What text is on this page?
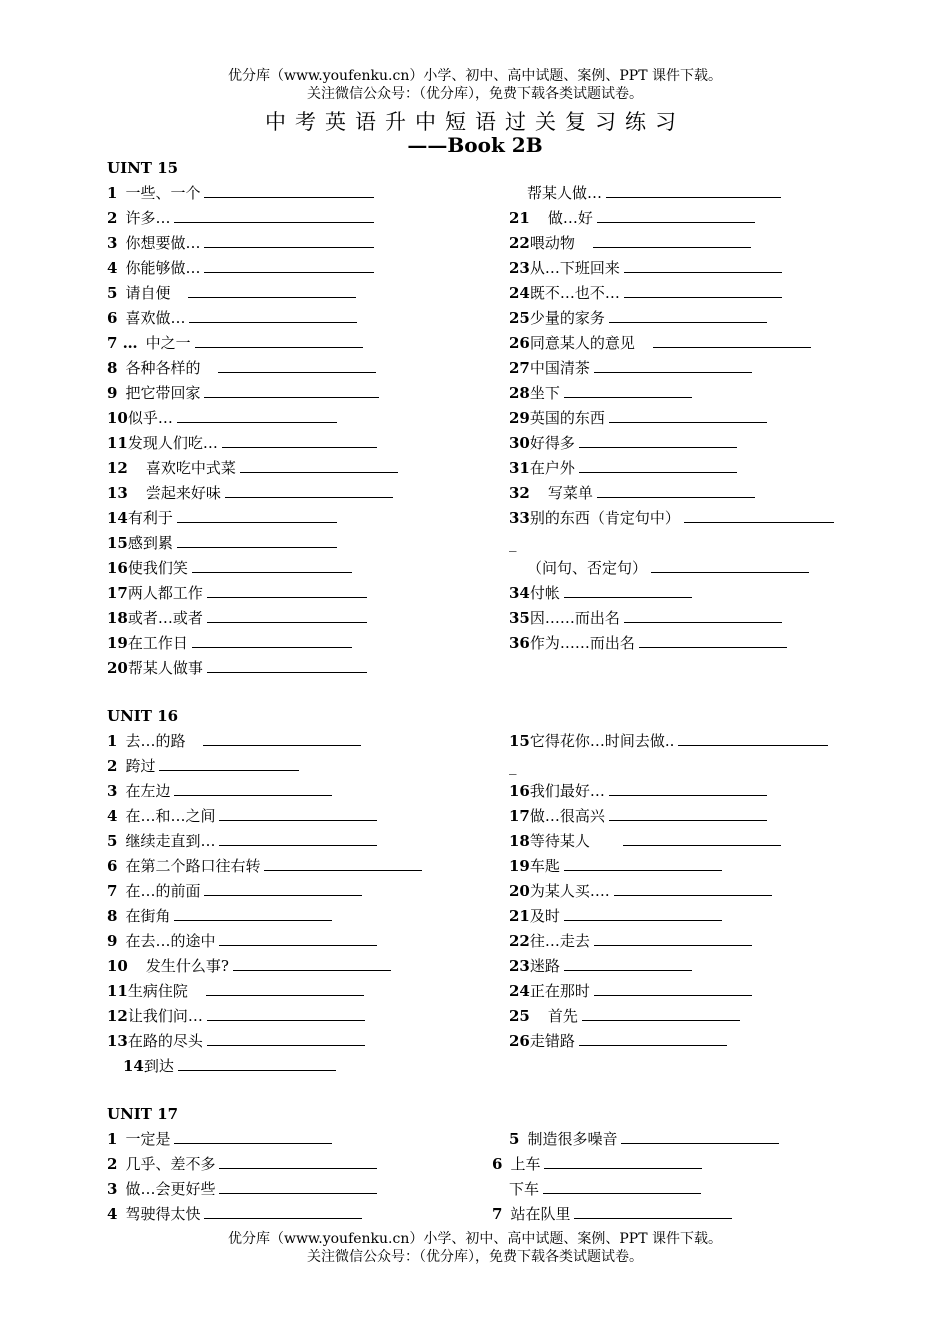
优分库（www.youfenku.cn）小学、初中、高中试题、案例、PPT 课件下载。
关注微信公众号：（优分库），免费下载各类试题试卷。
中考英语升中短语过关复习练习
——Book 2B
UINT 15
1 一些、一个
2 许多…
3 你想要做…
4 你能够做…
5 请自便
6 喜欢做…
7 … 中之一
8 各种各样的
9 把它带回家
10似乎…
11发现人们吃…
12 喜欢吃中式菜
13 尝起来好味
14有利于
15感到累
16使我们笑
17两人都工作
18或者…或者
19在工作日
20帮某人做事
帮某人做…
21 做…好
22喂动物
23从…下班回来
24既不…也不…
25少量的家务
26同意某人的意见
27中国清茶
28坐下
29英国的东西
30好得多
31在户外
32 写菜单
33别的东西（肯定句中）
_
（问句、否定句）
34付帐
35因……而出名
36作为……而出名
UNIT 16
1 去…的路
2 跨过
3 在左边
4 在…和…之间
5 继续走直到…
6 在第二个路口往右转
7 在…的前面
8 在街角
9 在去…的途中
10 发生什么事?
11生病住院
12让我们问…
13在路的尽头
14到达
15它得花你…时间去做..
_
16我们最好…
17做…很高兴
18等待某人
19车匙
20为某人买….
21及时
22往…走去
23迷路
24正在那时
25 首先
26走错路
UNIT 17
1 一定是
2 几乎、差不多
3 做…会更好些
4 驾驶得太快
5 制造很多噪音
6 上车
下车
7 站在队里
优分库（www.youfenku.cn）小学、初中、高中试题、案例、PPT 课件下载。
关注微信公众号：（优分库），免费下载各类试题试卷。
